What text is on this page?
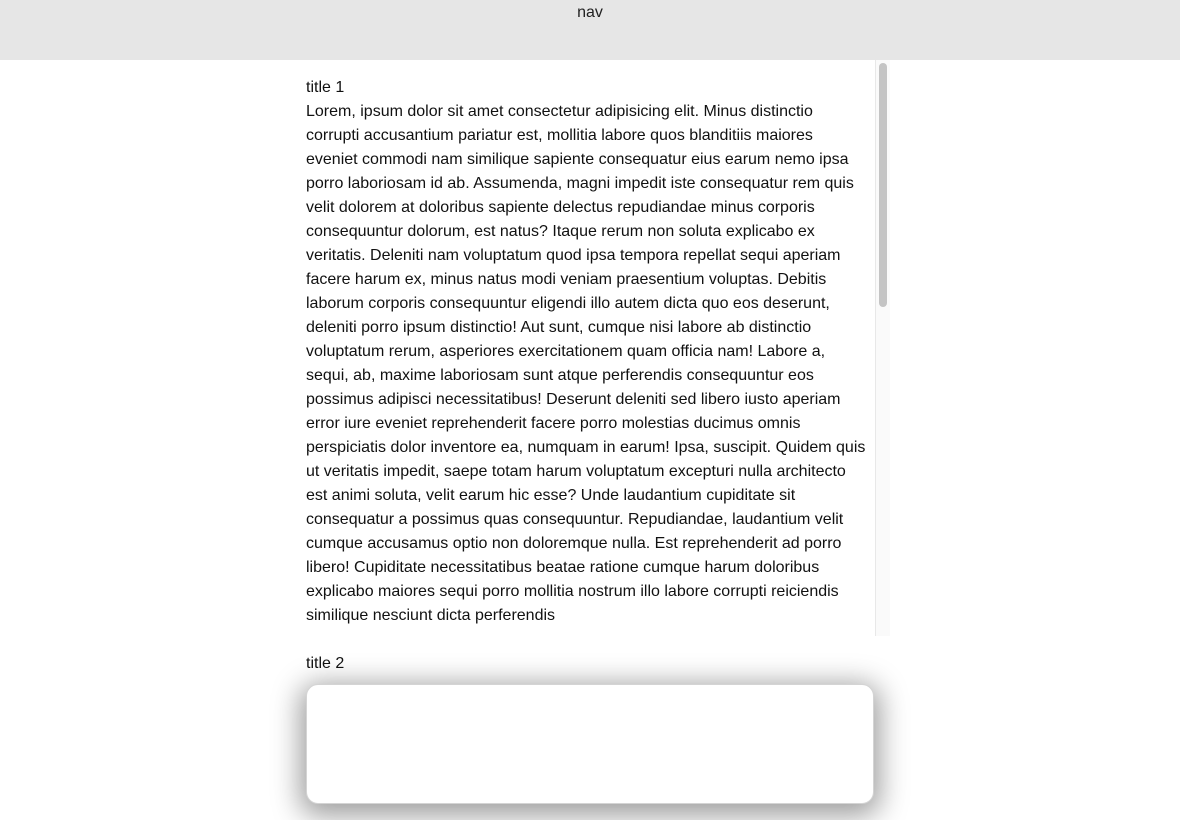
nav
title 1

Lorem, ipsum dolor sit amet consectetur adipisicing elit. Minus distinctio corrupti accusantium pariatur est, mollitia labore quos blanditiis maiores eveniet commodi nam similique sapiente consequatur eius earum nemo ipsa porro laboriosam id ab. Assumenda, magni impedit iste consequatur rem quis velit dolorem at doloribus sapiente delectus repudiandae minus corporis consequuntur dolorum, est natus? Itaque rerum non soluta explicabo ex veritatis. Deleniti nam voluptatum quod ipsa tempora repellat sequi aperiam facere harum ex, minus natus modi veniam praesentium voluptas. Debitis laborum corporis consequuntur eligendi illo autem dicta quo eos deserunt, deleniti porro ipsum distinctio! Aut sunt, cumque nisi labore ab distinctio voluptatum rerum, asperiores exercitationem quam officia nam! Labore a, sequi, ab, maxime laboriosam sunt atque perferendis consequuntur eos possimus adipisci necessitatibus! Deserunt deleniti sed libero iusto aperiam error iure eveniet reprehenderit facere porro molestias ducimus omnis perspiciatis dolor inventore ea, numquam in earum! Ipsa, suscipit. Quidem quis ut veritatis impedit, saepe totam harum voluptatum excepturi nulla architecto est animi soluta, velit earum hic esse? Unde laudantium cupiditate sit consequatur a possimus quas consequuntur. Repudiandae, laudantium velit cumque accusamus optio non doloremque nulla. Est reprehenderit ad porro libero! Cupiditate necessitatibus beatae ratione cumque harum doloribus explicabo maiores sequi porro mollitia nostrum illo labore corrupti reiciendis similique nesciunt dicta perferendis

title 2
